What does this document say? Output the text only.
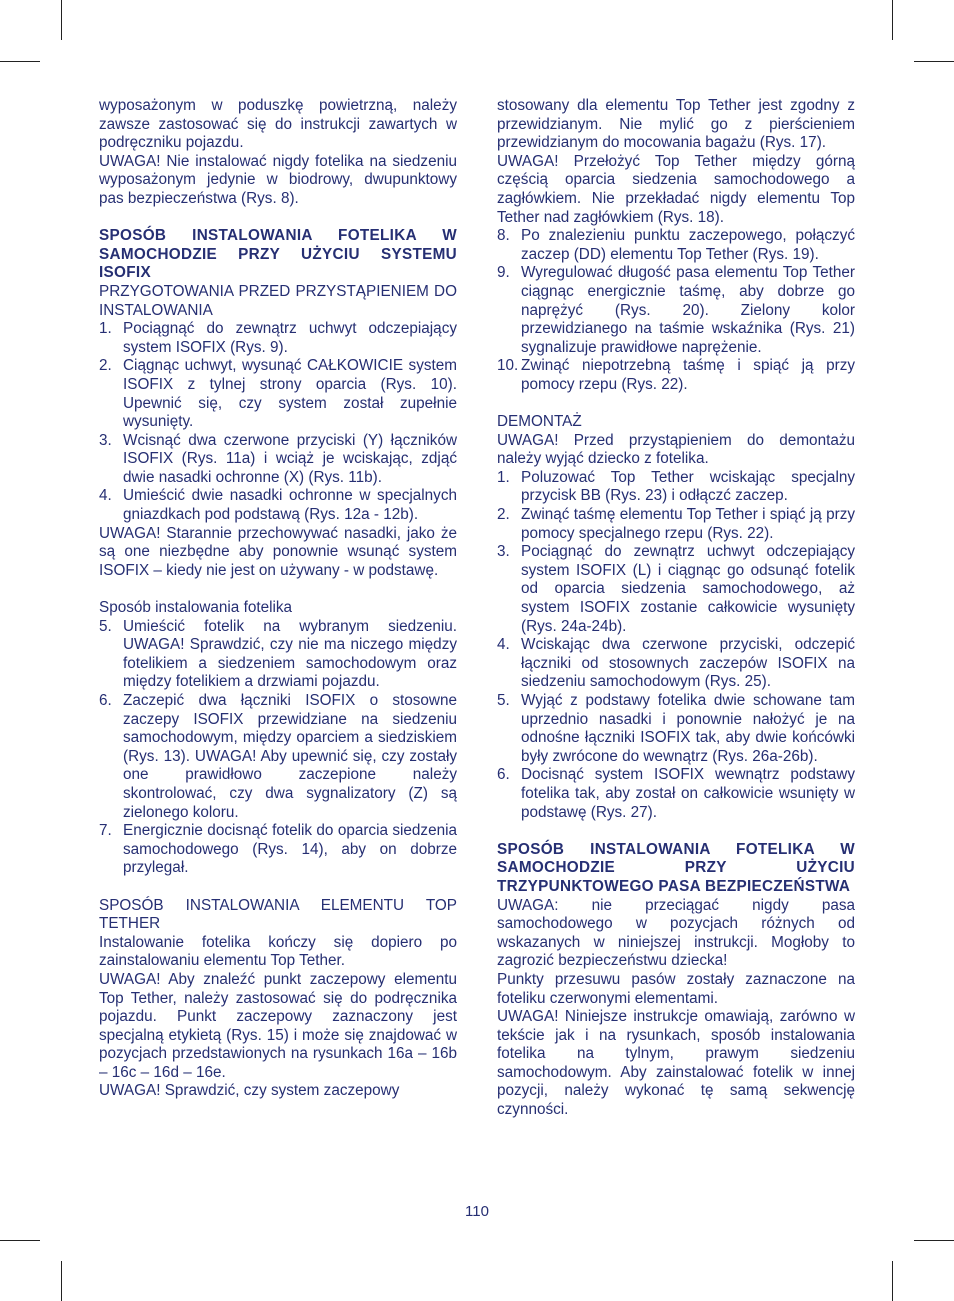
wyposażonym w poduszkę powietrzną, należy zawsze zastosować się do instrukcji zawartych w podręczniku pojazdu.

UWAGA! Nie instalować nigdy fotelika na siedzeniu wyposażonym jedynie w biodrowy, dwupunktowy pas bezpieczeństwa (Rys. 8).

SPOSÓB INSTALOWANIA FOTELIKA W SAMOCHODZIE PRZY UŻYCIU SYSTEMU ISOFIX

PRZYGOTOWANIA PRZED PRZYSTĄPIENIEM DO INSTALOWANIA

1. Pociągnąć do zewnątrz uchwyt odczepiający system ISOFIX (Rys. 9).
2. Ciągnąc uchwyt, wysunąć CAŁKOWICIE system ISOFIX z tylnej strony oparcia (Rys. 10). Upewnić się, czy system został zupełnie wysunięty.
3. Wcisnąć dwa czerwone przyciski (Y) łączników ISOFIX (Rys. 11a) i wciąż je wciskając, zdjąć dwie nasadki ochronne (X) (Rys. 11b).
4. Umieścić dwie nasadki ochronne w specjalnych gniazdkach pod podstawą (Rys. 12a - 12b).

UWAGA! Starannie przechowywać nasadki, jako że są one niezbędne aby ponownie wsunąć system ISOFIX – kiedy nie jest on używany - w podstawę.

Sposób instalowania fotelika

5. Umieścić fotelik na wybranym siedzeniu. UWAGA! Sprawdzić, czy nie ma niczego między fotelikiem a siedzeniem samochodowym oraz między fotelikiem a drzwiami pojazdu.
6. Zaczepić dwa łączniki ISOFIX o stosowne zaczepy ISOFIX przewidziane na siedzeniu samochodowym, między oparciem a siedziskiem (Rys. 13). UWAGA! Aby upewnić się, czy zostały one prawidłowo zaczepione należy skontrolować, czy dwa sygnalizatory (Z) są zielonego koloru.
7. Energicznie docisnąć fotelik do oparcia siedzenia samochodowego (Rys. 14), aby on dobrze przylegał.

SPOSÓB INSTALOWANIA ELEMENTU TOP TETHER

Instalowanie fotelika kończy się dopiero po zainstalowaniu elementu Top Tether.

UWAGA! Aby znaleźć punkt zaczepowy elementu Top Tether, należy zastosować się do podręcznika pojazdu. Punkt zaczepowy zaznaczony jest specjalną etykietą (Rys. 15) i może się znajdować w pozycjach przedstawionych na rysunkach 16a – 16b – 16c – 16d – 16e.

UWAGA! Sprawdzić, czy system zaczepowy

stosowany dla elementu Top Tether jest zgodny z przewidzianym. Nie mylić go z pierścieniem przewidzianym do mocowania bagażu (Rys. 17).

UWAGA! Przełożyć Top Tether między górną częścią oparcia siedzenia samochodowego a zagłówkiem. Nie przekładać nigdy elementu Top Tether nad zagłówkiem (Rys. 18).

8. Po znalezieniu punktu zaczepowego, połączyć zaczep (DD) elementu Top Tether (Rys. 19).
9. Wyregulować długość pasa elementu Top Tether ciągnąc energicznie taśmę, aby dobrze go naprężyć (Rys. 20). Zielony kolor przewidzianego na taśmie wskaźnika (Rys. 21) sygnalizuje prawidłowe naprężenie.
10. Zwinąć niepotrzebną taśmę i spiąć ją przy pomocy rzepu (Rys. 22).

DEMONTAŻ

UWAGA! Przed przystąpieniem do demontażu należy wyjąć dziecko z fotelika.

1. Poluzować Top Tether wciskając specjalny przycisk BB (Rys. 23) i odłączć zaczep.
2. Zwinąć taśmę elementu Top Tether i spiąć ją przy pomocy specjalnego rzepu (Rys. 22).
3. Pociągnąć do zewnątrz uchwyt odczepiający system ISOFIX (L) i ciągnąc go odsunąć fotelik od oparcia siedzenia samochodowego, aż system ISOFIX zostanie całkowicie wysunięty (Rys. 24a-24b).
4. Wciskając dwa czerwone przyciski, odczepić łączniki od stosownych zaczepów ISOFIX na siedzeniu samochodowym (Rys. 25).
5. Wyjąć z podstawy fotelika dwie schowane tam uprzednio nasadki i ponownie nałożyć je na odnośne łączniki ISOFIX tak, aby dwie końcówki były zwrócone do wewnątrz (Rys. 26a-26b).
6. Docisnąć system ISOFIX wewnątrz podstawy fotelika tak, aby został on całkowicie wsunięty w podstawę (Rys. 27).

SPOSÓB INSTALOWANIA FOTELIKA W SAMOCHODZIE PRZY UŻYCIU TRZYPUNKTOWEGO PASA BEZPIECZEŃSTWA

UWAGA: nie przeciągać nigdy pasa samochodowego w pozycjach różnych od wskazanych w niniejszej instrukcji. Mogłoby to zagrozić bezpieczeństwu dziecka!

Punkty przesuwu pasów zostały zaznaczone na foteliku czerwonymi elementami.

UWAGA! Niniejsze instrukcje omawiają, zarówno w tekście jak i na rysunkach, sposób instalowania fotelika na tylnym, prawym siedzeniu samochodowym. Aby zainstalować fotelik w innej pozycji, należy wykonać tę samą sekwencję czynności.

110
